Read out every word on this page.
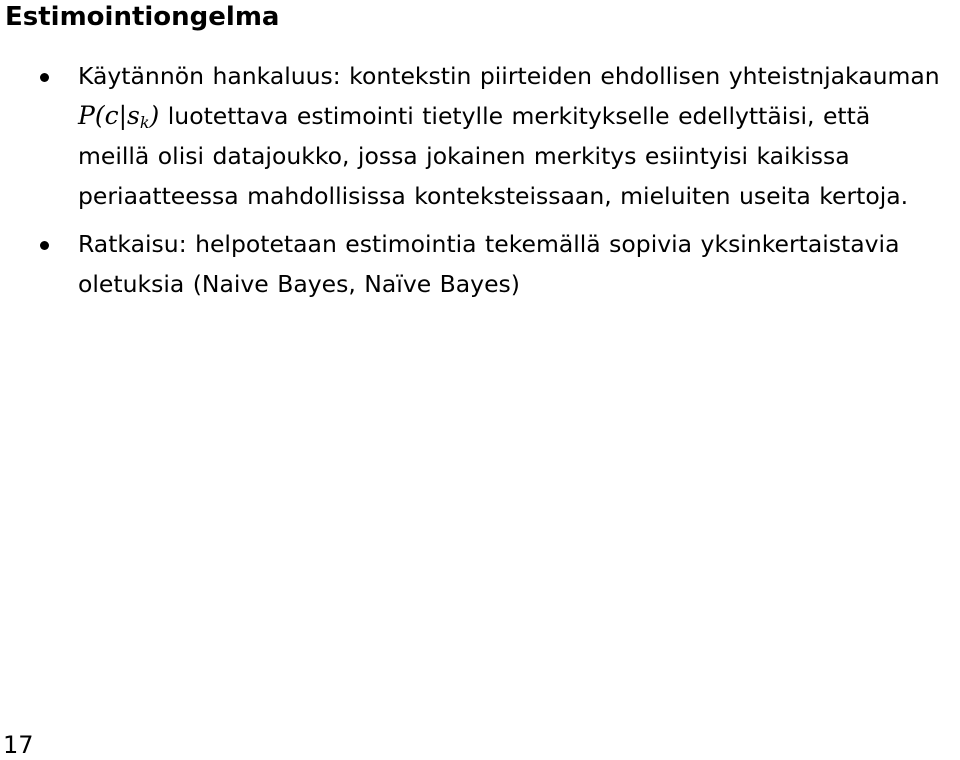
Estimointiongelma
Käytännön hankaluus: kontekstin piirteiden ehdollisen yhteistnjakauman $P(c|s_k)$ luotettava estimointi tietylle merkitykselle edellyttäisi, että meillä olisi datajoukko, jossa jokainen merkitys esiintyisi kaikissa periaatteessa mahdollisissa konteksteissaan, mieluiten useita kertoja.
Ratkaisu: helpotetaan estimointia tekemällä sopivia yksinkertaistavia oletuksia (Naive Bayes, Naïve Bayes)
17
